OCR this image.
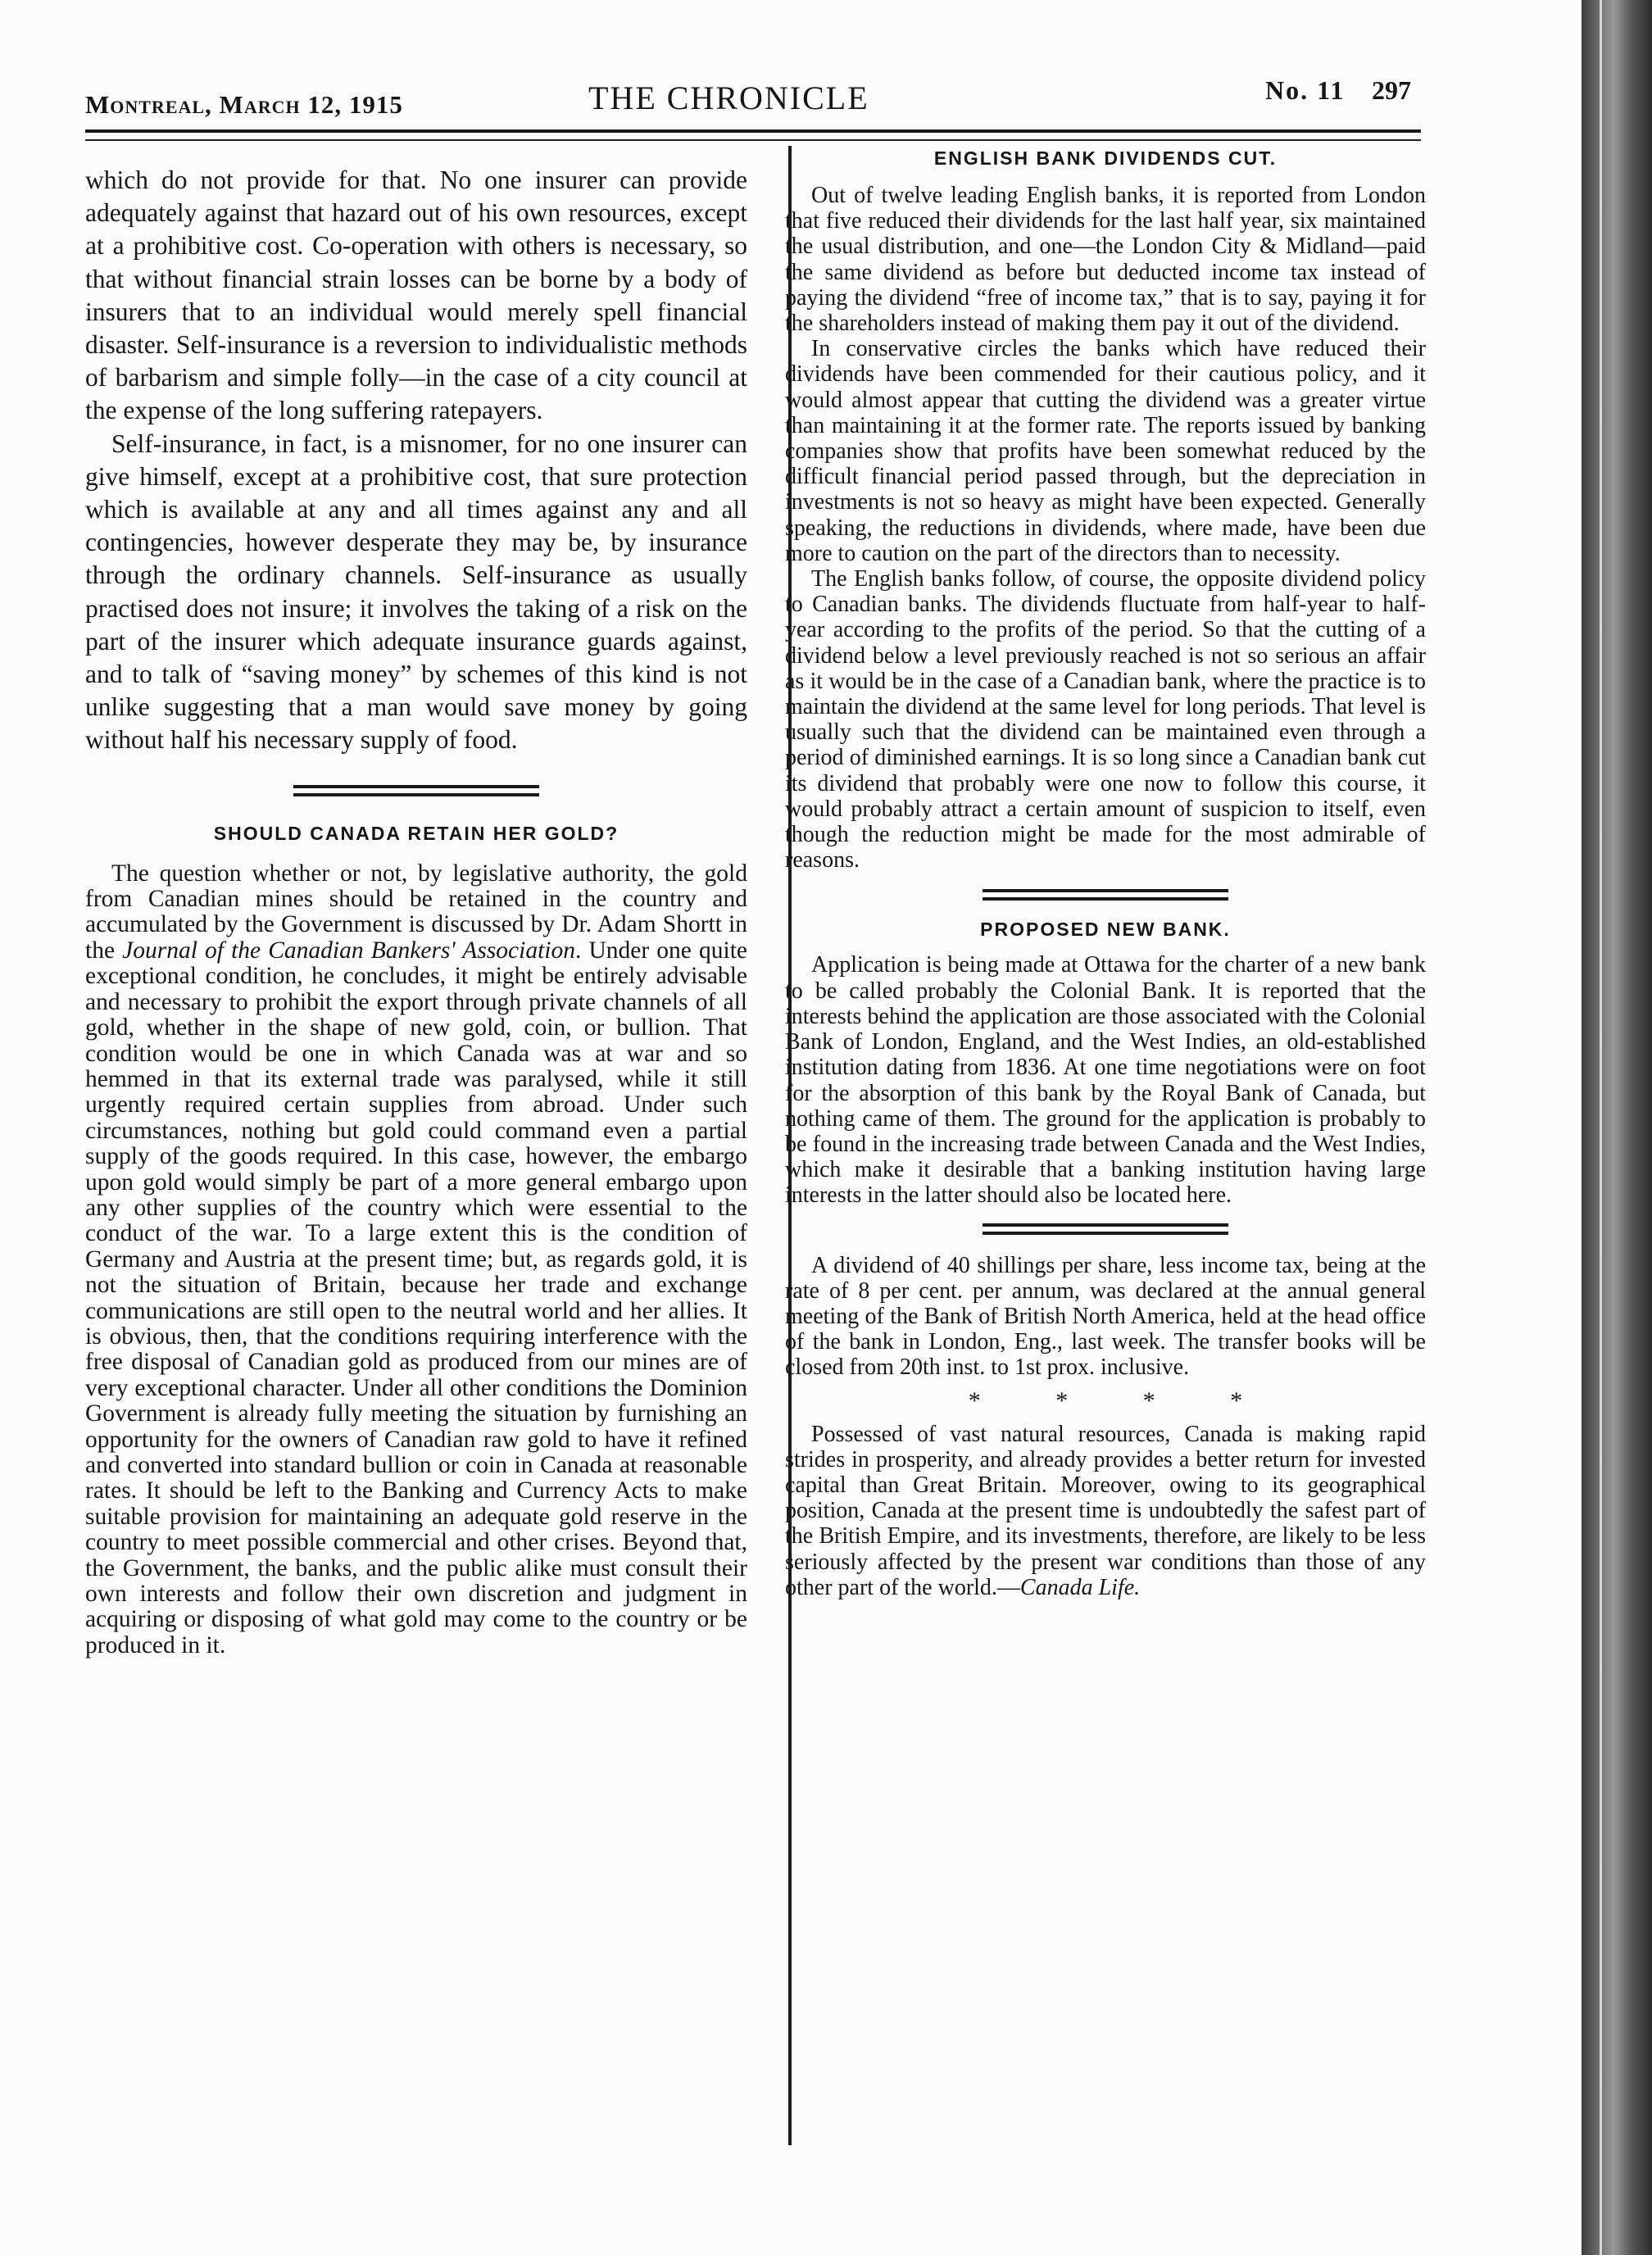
Montreal, March 12, 1915	THE CHRONICLE	No. 11 297

which do not provide for that. No one insurer can provide adequately against that hazard out of his own resources, except at a prohibitive cost. Co-operation with others is necessary, so that without financial strain losses can be borne by a body of insurers that to an individual would merely spell financial disaster. Self-insurance is a reversion to individualistic methods of barbarism and simple folly—in the case of a city council at the expense of the long suffering ratepayers.

Self-insurance, in fact, is a misnomer, for no one insurer can give himself, except at a prohibitive cost, that sure protection which is available at any and all times against any and all contingencies, however desperate they may be, by insurance through the ordinary channels. Self-insurance as usually practised does not insure; it involves the taking of a risk on the part of the insurer which adequate insurance guards against, and to talk of “saving money” by schemes of this kind is not unlike suggesting that a man would save money by going without half his necessary supply of food.

SHOULD CANADA RETAIN HER GOLD?

The question whether or not, by legislative authority, the gold from Canadian mines should be retained in the country and accumulated by the Government is discussed by Dr. Adam Shortt in the Journal of the Canadian Bankers' Association. Under one quite exceptional condition, he concludes, it might be entirely advisable and necessary to prohibit the export through private channels of all gold, whether in the shape of new gold, coin, or bullion. That condition would be one in which Canada was at war and so hemmed in that its external trade was paralysed, while it still urgently required certain supplies from abroad. Under such circumstances, nothing but gold could command even a partial supply of the goods required. In this case, however, the embargo upon gold would simply be part of a more general embargo upon any other supplies of the country which were essential to the conduct of the war. To a large extent this is the condition of Germany and Austria at the present time; but, as regards gold, it is not the situation of Britain, because her trade and exchange communications are still open to the neutral world and her allies. It is obvious, then, that the conditions requiring interference with the free disposal of Canadian gold as produced from our mines are of very exceptional character. Under all other conditions the Dominion Government is already fully meeting the situation by furnishing an opportunity for the owners of Canadian raw gold to have it refined and converted into standard bullion or coin in Canada at reasonable rates. It should be left to the Banking and Currency Acts to make suitable provision for maintaining an adequate gold reserve in the country to meet possible commercial and other crises. Beyond that, the Government, the banks, and the public alike must consult their own interests and follow their own discretion and judgment in acquiring or disposing of what gold may come to the country or be produced in it.

ENGLISH BANK DIVIDENDS CUT.

Out of twelve leading English banks, it is reported from London that five reduced their dividends for the last half year, six maintained the usual distribution, and one—the London City & Midland—paid the same dividend as before but deducted income tax instead of paying the dividend “free of income tax,” that is to say, paying it for the shareholders instead of making them pay it out of the dividend.

In conservative circles the banks which have reduced their dividends have been commended for their cautious policy, and it would almost appear that cutting the dividend was a greater virtue than maintaining it at the former rate. The reports issued by banking companies show that profits have been somewhat reduced by the difficult financial period passed through, but the depreciation in investments is not so heavy as might have been expected. Generally speaking, the reductions in dividends, where made, have been due more to caution on the part of the directors than to necessity.

The English banks follow, of course, the opposite dividend policy to Canadian banks. The dividends fluctuate from half-year to half-year according to the profits of the period. So that the cutting of a dividend below a level previously reached is not so serious an affair as it would be in the case of a Canadian bank, where the practice is to maintain the dividend at the same level for long periods. That level is usually such that the dividend can be maintained even through a period of diminished earnings. It is so long since a Canadian bank cut its dividend that probably were one now to follow this course, it would probably attract a certain amount of suspicion to itself, even though the reduction might be made for the most admirable of reasons.

PROPOSED NEW BANK.

Application is being made at Ottawa for the charter of a new bank to be called probably the Colonial Bank. It is reported that the interests behind the application are those associated with the Colonial Bank of London, England, and the West Indies, an old-established institution dating from 1836. At one time negotiations were on foot for the absorption of this bank by the Royal Bank of Canada, but nothing came of them. The ground for the application is probably to be found in the increasing trade between Canada and the West Indies, which make it desirable that a banking institution having large interests in the latter should also be located here.

A dividend of 40 shillings per share, less income tax, being at the rate of 8 per cent. per annum, was declared at the annual general meeting of the Bank of British North America, held at the head office of the bank in London, Eng., last week. The transfer books will be closed from 20th inst. to 1st prox. inclusive.

* * * *

Possessed of vast natural resources, Canada is making rapid strides in prosperity, and already provides a better return for invested capital than Great Britain. Moreover, owing to its geographical position, Canada at the present time is undoubtedly the safest part of the British Empire, and its investments, therefore, are likely to be less seriously affected by the present war conditions than those of any other part of the world.—Canada Life.
